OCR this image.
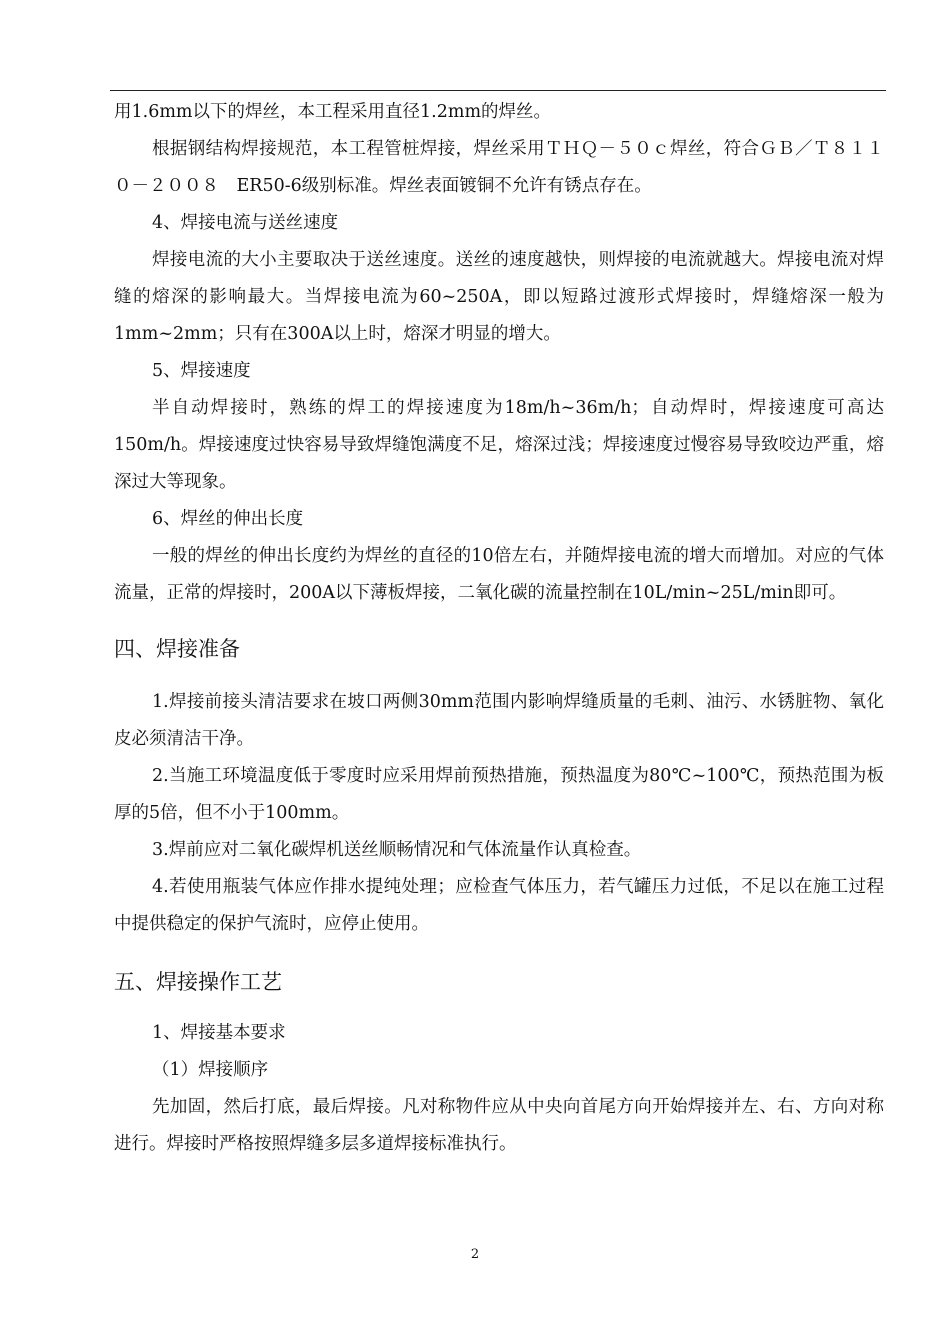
用1.6mm以下的焊丝，本工程采用直径1.2mm的焊丝。

根据钢结构焊接规范，本工程管桩焊接，焊丝采用ＴＨＱ－５０ｃ焊丝，符合ＧＢ／Ｔ８１１０－２００８　ER50-6级别标准。焊丝表面镀铜不允许有锈点存在。

4、焊接电流与送丝速度

焊接电流的大小主要取决于送丝速度。送丝的速度越快，则焊接的电流就越大。焊接电流对焊缝的熔深的影响最大。当焊接电流为60~250A，即以短路过渡形式焊接时，焊缝熔深一般为1mm~2mm；只有在300A以上时，熔深才明显的增大。

5、焊接速度

半自动焊接时，熟练的焊工的焊接速度为18m/h~36m/h；自动焊时，焊接速度可高达150m/h。焊接速度过快容易导致焊缝饱满度不足，熔深过浅；焊接速度过慢容易导致咬边严重，熔深过大等现象。

6、焊丝的伸出长度

一般的焊丝的伸出长度约为焊丝的直径的10倍左右，并随焊接电流的增大而增加。对应的气体流量，正常的焊接时，200A以下薄板焊接，二氧化碳的流量控制在10L/min~25L/min即可。

四、焊接准备

1.焊接前接头清洁要求在坡口两侧30mm范围内影响焊缝质量的毛刺、油污、水锈脏物、氧化皮必须清洁干净。

2.当施工环境温度低于零度时应采用焊前预热措施，预热温度为80℃~100℃，预热范围为板厚的5倍，但不小于100mm。

3.焊前应对二氧化碳焊机送丝顺畅情况和气体流量作认真检查。

4.若使用瓶装气体应作排水提纯处理；应检查气体压力，若气罐压力过低，不足以在施工过程中提供稳定的保护气流时，应停止使用。

五、焊接操作工艺

1、焊接基本要求

（1）焊接顺序

先加固，然后打底，最后焊接。凡对称物件应从中央向首尾方向开始焊接并左、右、方向对称进行。焊接时严格按照焊缝多层多道焊接标准执行。

2
